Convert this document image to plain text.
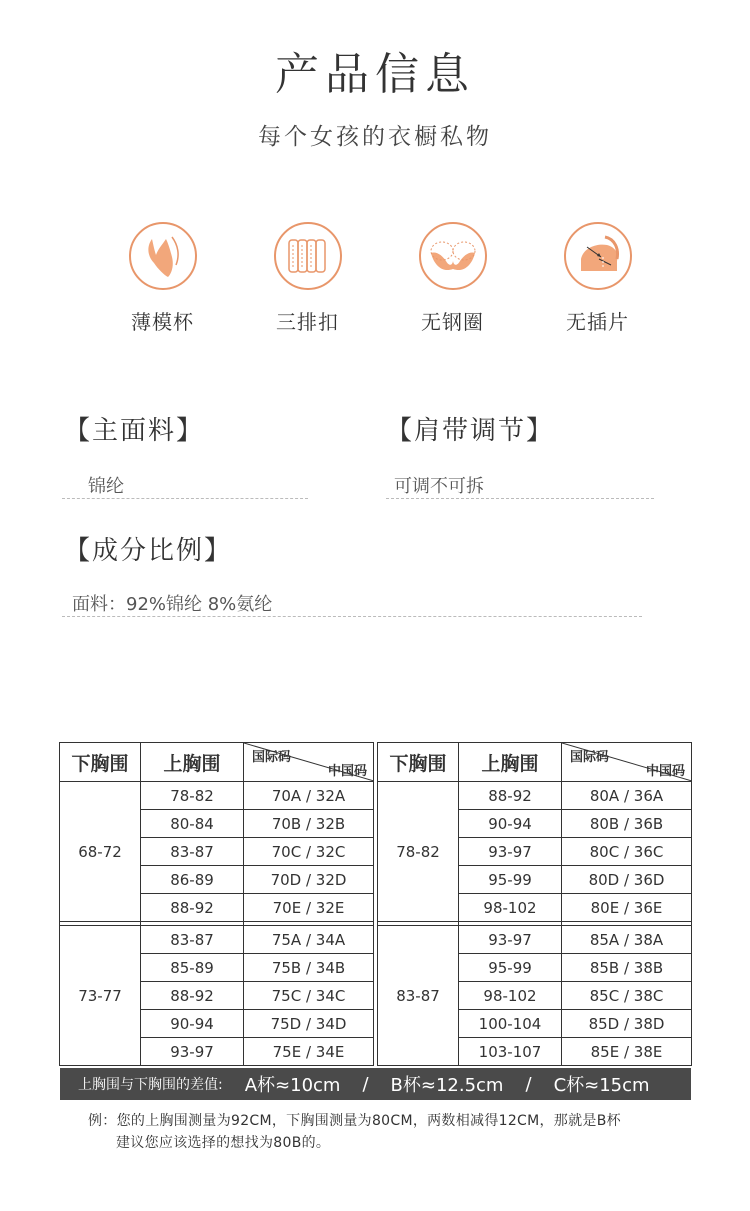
产品信息
每个女孩的衣橱私物
薄模杯	三排扣	无钢圈	无插片
【主面料】
锦纶
【肩带调节】
可调不可拆
【成分比例】
面料：92%锦纶 8%氨纶
下胸围	上胸围	国际码
中国码

68-72	78-82	70A / 32A
	80-84	70B / 32B
	83-87	70C / 32C
	86-89	70D / 32D
	88-92	70E / 32E

73-77	83-87	75A / 34A
	85-89	75B / 34B
	88-92	75C / 34C
	90-94	75D / 34D
	93-97	75E / 34E
下胸围	上胸围	国际码
中国码

78-82	88-92	80A / 36A
	90-94	80B / 36B
	93-97	80C / 36C
	95-99	80D / 36D
	98-102	80E / 36E

83-87	93-97	85A / 38A
	95-99	85B / 38B
	98-102	85C / 38C
	100-104	85D / 38D
	103-107	85E / 38E
上胸围与下胸围的差值: A杯≈10cm / B杯≈12.5cm / C杯≈15cm
例：您的上胸围测量为92CM，下胸围测量为80CM，两数相减得12CM，那就是B杯
建议您应该选择的想找为80B的。
